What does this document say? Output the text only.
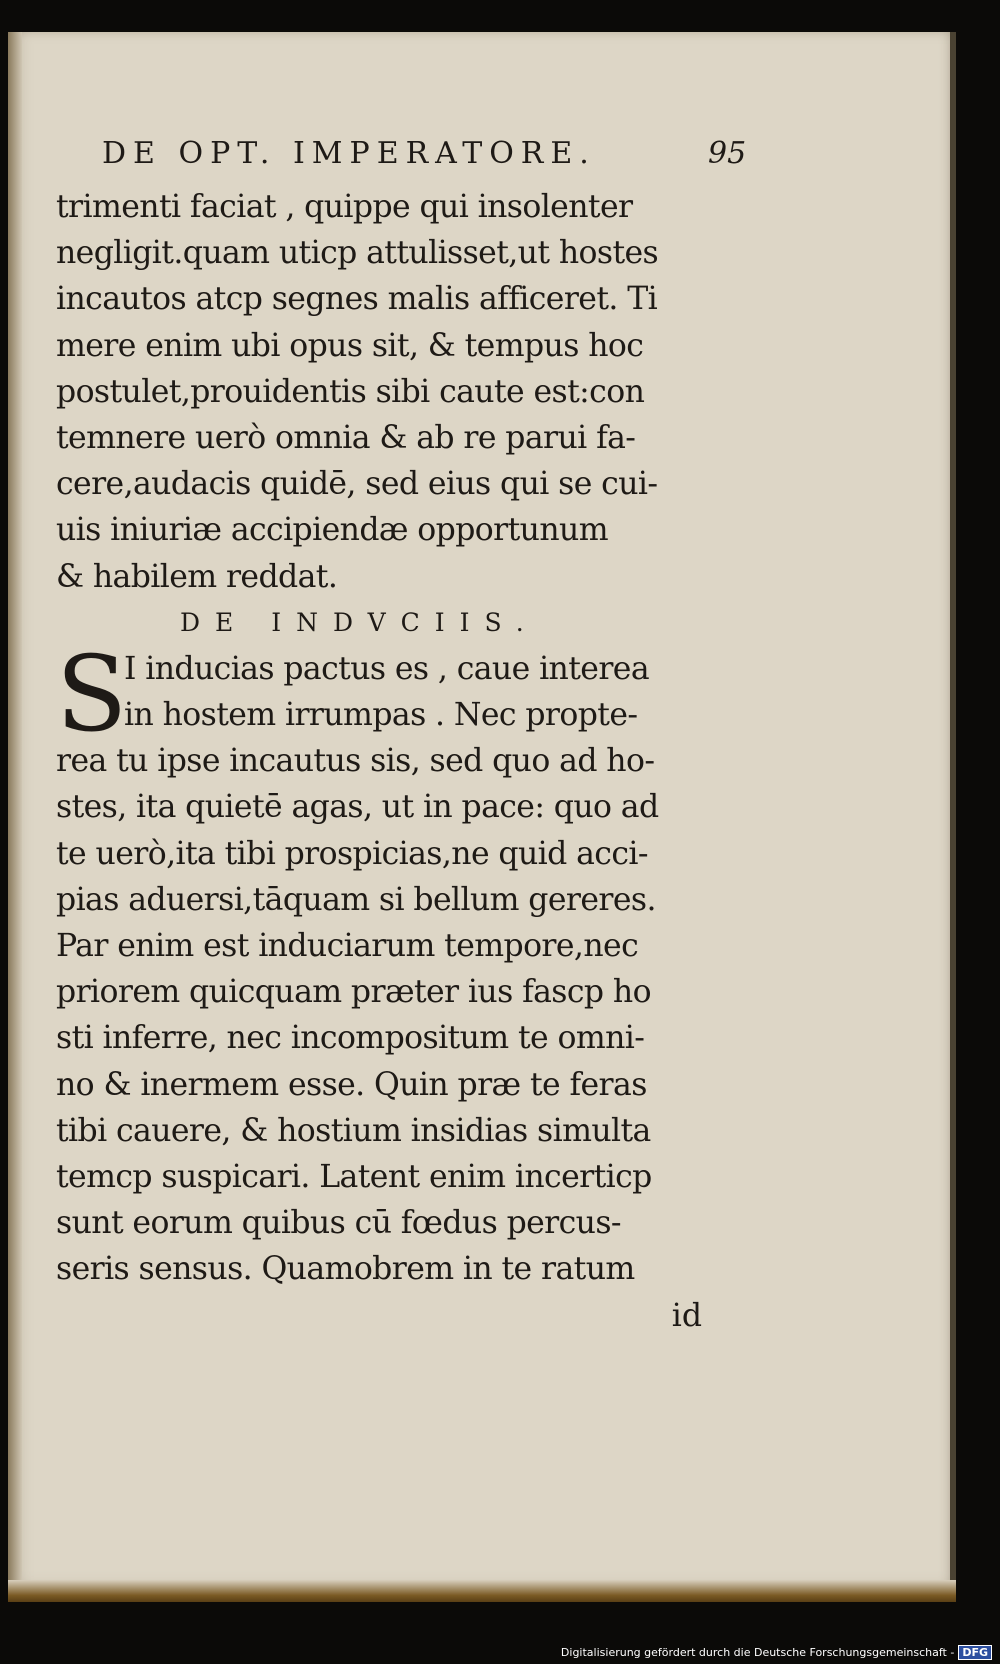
DE OPT. IMPERATORE.	95
trimenti faciat , quippe qui insolenter
negligit.quam uticp attulisset,ut hostes
incautos atcp segnes malis afficeret. Ti
mere enim ubi opus sit, & tempus hoc
postulet,prouidentis sibi caute est:con
temnere uerò omnia & ab re parui fa-
cere,audacis quidē, sed eius qui se cui-
uis iniuriæ accipiendæ opportunum
& habilem reddat.
DE INDVCIIS.
S
I inducias pactus es , caue interea
in hostem irrumpas . Nec propte-
rea tu ipse incautus sis, sed quo ad ho-
stes, ita quietē agas, ut in pace: quo ad
te uerò,ita tibi prospicias,ne quid acci-
pias aduersi,tāquam si bellum gereres.
Par enim est induciarum tempore,nec
priorem quicquam præter ius fascp ho
sti inferre, nec incompositum te omni-
no & inermem esse. Quin præ te feras
tibi cauere, & hostium insidias simulta
temcp suspicari. Latent enim incerticp
sunt eorum quibus cū fœdus percus-
seris sensus. Quamobrem in te ratum
id
Digitalisierung gefördert durch die Deutsche Forschungsgemeinschaft - DFG
